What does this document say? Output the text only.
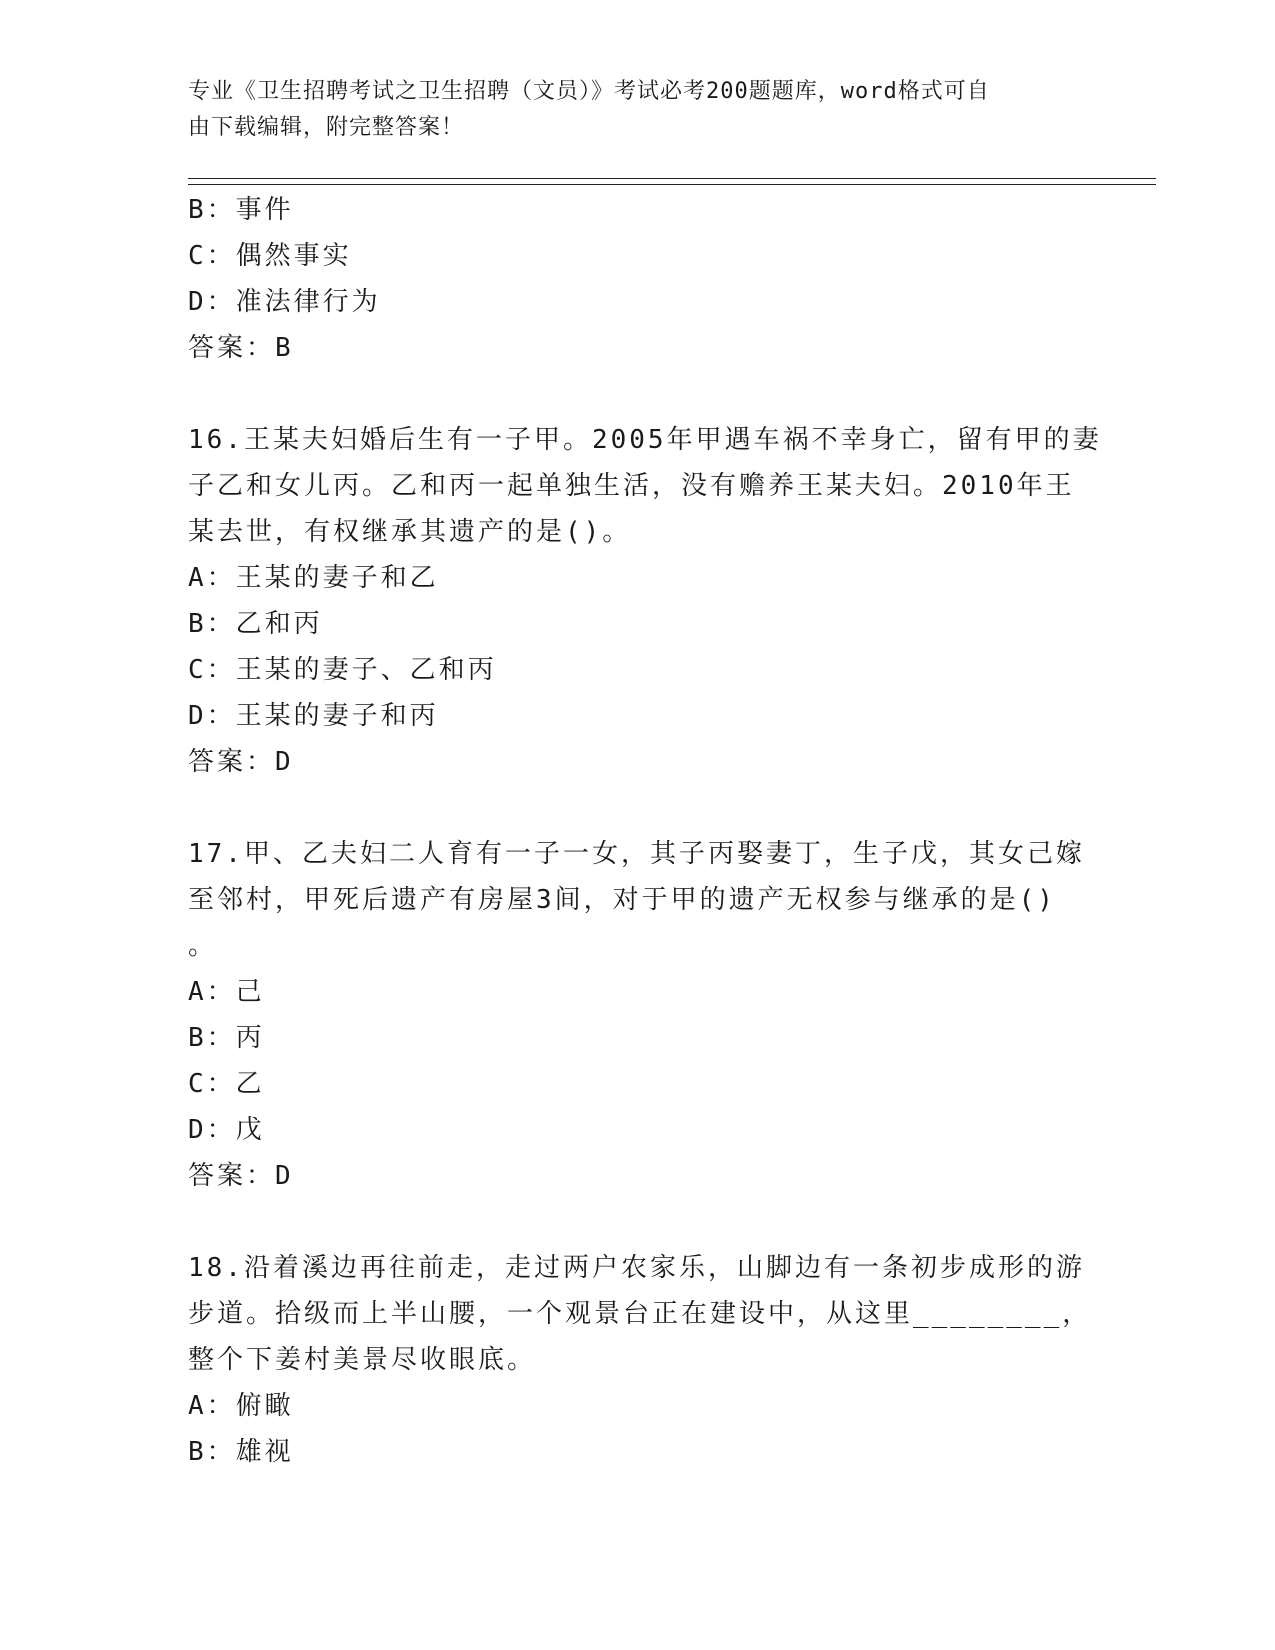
专业《卫生招聘考试之卫生招聘（文员）》考试必考200题题库，word格式可自
由下载编辑，附完整答案！
B：事件
C：偶然事实
D：准法律行为
答案：B
16.王某夫妇婚后生有一子甲。2005年甲遇车祸不幸身亡，留有甲的妻
子乙和女儿丙。乙和丙一起单独生活，没有赡养王某夫妇。2010年王
某去世，有权继承其遗产的是()。
A：王某的妻子和乙
B：乙和丙
C：王某的妻子、乙和丙
D：王某的妻子和丙
答案：D
17.甲、乙夫妇二人育有一子一女，其子丙娶妻丁，生子戊，其女己嫁
至邻村，甲死后遗产有房屋3间，对于甲的遗产无权参与继承的是()
。
A：己
B：丙
C：乙
D：戊
答案：D
18.沿着溪边再往前走，走过两户农家乐，山脚边有一条初步成形的游
步道。拾级而上半山腰，一个观景台正在建设中，从这里________，
整个下姜村美景尽收眼底。
A：俯瞰
B：雄视
